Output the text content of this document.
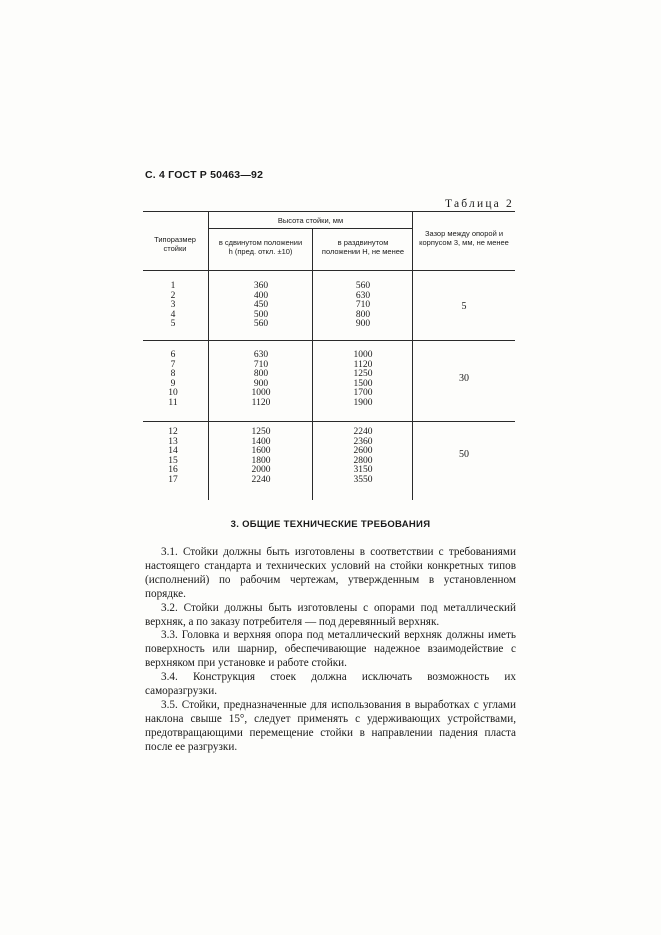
С. 4 ГОСТ Р 50463—92
Таблица 2
Типоразмер стойки
Высота стойки, мм
в сдвинутом положении h (пред. откл. ±10)
в раздвинутом положении H, не менее
Зазор между опорой и корпусом 3, мм, не менее
1
2
3
4
5
360
400
450
500
560
560
630
710
800
900
5
6
7
8
9
10
11
630
710
800
900
1000
1120
1000
1120
1250
1500
1700
1900
30
12
13
14
15
16
17
1250
1400
1600
1800
2000
2240
2240
2360
2600
2800
3150
3550
50
3. ОБЩИЕ ТЕХНИЧЕСКИЕ ТРЕБОВАНИЯ

3.1. Стойки должны быть изготовлены в соответствии с требованиями настоящего стандарта и технических условий на стойки конкретных типов (исполнений) по рабочим чертежам, утвержденным в установленном порядке.

3.2. Стойки должны быть изготовлены с опорами под металлический верхняк, а по заказу потребителя — под деревянный верхняк.

3.3. Головка и верхняя опора под металлический верхняк должны иметь поверхность или шарнир, обеспечивающие надежное взаимодействие с верхняком при установке и работе стойки.

3.4. Конструкция стоек должна исключать возможность их саморазгрузки.

3.5. Стойки, предназначенные для использования в выработках с углами наклона свыше 15°, следует применять с удерживающих устройствами, предотвращающими перемещение стойки в направлении падения пласта после ее разгрузки.
